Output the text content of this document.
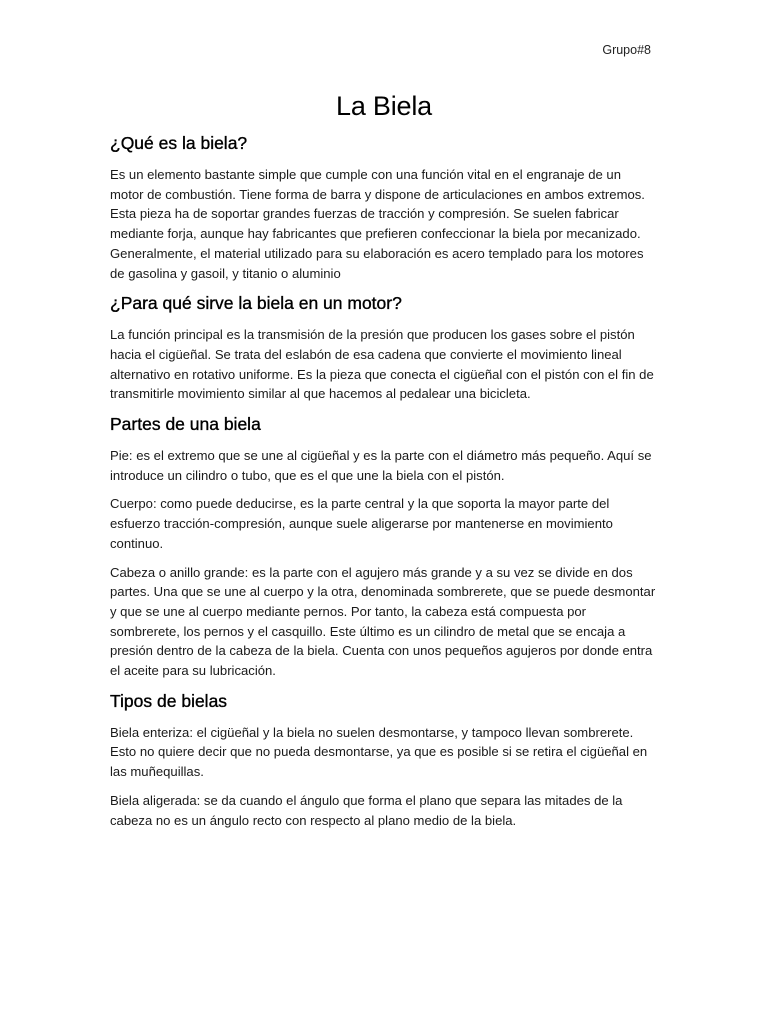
Grupo#8
La Biela
¿Qué es la biela?

Es un elemento bastante simple que cumple con una función vital en el engranaje de un motor de combustión. Tiene forma de barra y dispone de articulaciones en ambos extremos. Esta pieza ha de soportar grandes fuerzas de tracción y compresión. Se suelen fabricar mediante forja, aunque hay fabricantes que prefieren confeccionar la biela por mecanizado. Generalmente, el material utilizado para su elaboración es acero templado para los motores de gasolina y gasoil, y titanio o aluminio

¿Para qué sirve la biela en un motor?

La función principal es la transmisión de la presión que producen los gases sobre el pistón hacia el cigüeñal. Se trata del eslabón de esa cadena que convierte el movimiento lineal alternativo en rotativo uniforme. Es la pieza que conecta el cigüeñal con el pistón con el fin de transmitirle movimiento similar al que hacemos al pedalear una bicicleta.

Partes de una biela

Pie: es el extremo que se une al cigüeñal y es la parte con el diámetro más pequeño. Aquí se introduce un cilindro o tubo, que es el que une la biela con el pistón.

Cuerpo: como puede deducirse, es la parte central y la que soporta la mayor parte del esfuerzo tracción-compresión, aunque suele aligerarse por mantenerse en movimiento continuo.

Cabeza o anillo grande: es la parte con el agujero más grande y a su vez se divide en dos partes. Una que se une al cuerpo y la otra, denominada sombrerete, que se puede desmontar y que se une al cuerpo mediante pernos. Por tanto, la cabeza está compuesta por sombrerete, los pernos y el casquillo. Este último es un cilindro de metal que se encaja a presión dentro de la cabeza de la biela. Cuenta con unos pequeños agujeros por donde entra el aceite para su lubricación.

Tipos de bielas

Biela enteriza: el cigüeñal y la biela no suelen desmontarse, y tampoco llevan sombrerete. Esto no quiere decir que no pueda desmontarse, ya que es posible si se retira el cigüeñal en las muñequillas.

Biela aligerada: se da cuando el ángulo que forma el plano que separa las mitades de la cabeza no es un ángulo recto con respecto al plano medio de la biela.
